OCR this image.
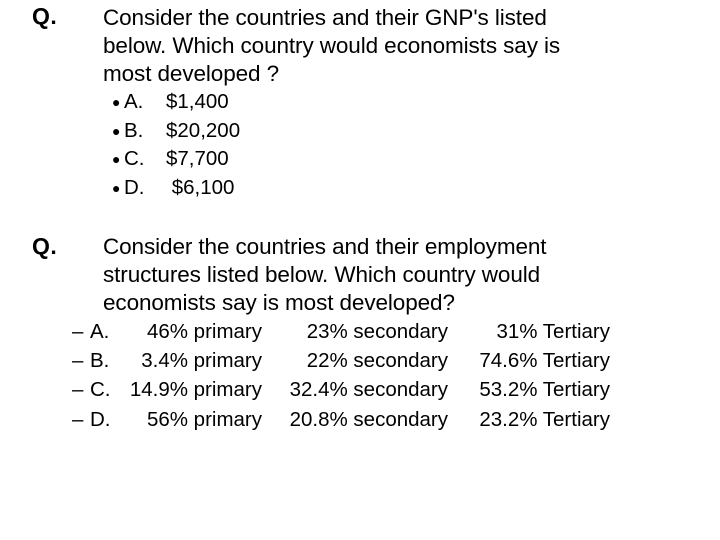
Q. Consider the countries and their GNP's listed
below. Which country would economists say is
most developed ?
● A.	$1,400
● B.	$20,200
● C.	$7,700
● D.	$6,100
Q. Consider the countries and their employment
structures listed below. Which country would
economists say is most developed?
– A.	46% primary	23% secondary	31% Tertiary
– B.	3.4% primary	22% secondary	74.6% Tertiary
– C. 14.9% primary	32.4% secondary	53.2% Tertiary
– D.	56% primary	20.8% secondary	23.2% Tertiary
